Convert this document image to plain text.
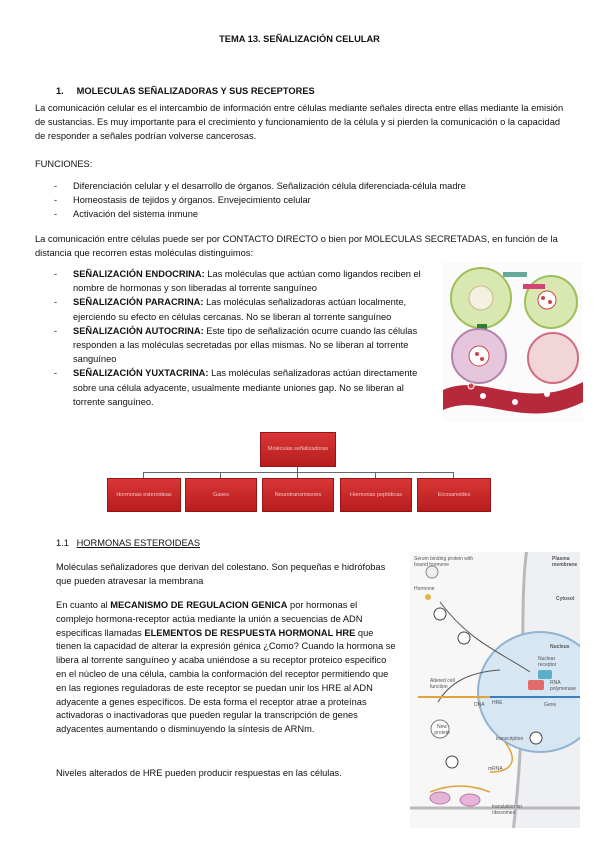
TEMA 13. SEÑALIZACIÓN CELULAR
1. MOLECULAS SEÑALIZADORAS Y SUS RECEPTORES

La comunicación celular es el intercambio de información entre células mediante señales directa entre ellas mediante la emisión de sustancias. Es muy importante para el crecimiento y funcionamiento de la célula y si pierden la comunicación o la capacidad de responder a señales podrían volverse cancerosas.

FUNCIONES:

- Diferenciación celular y el desarrollo de órganos. Señalización célula diferenciada-célula madre
- Homeostasis de tejidos y órganos. Envejecimiento celular
- Activación del sistema inmune

La comunicación entre células puede ser por CONTACTO DIRECTO o bien por MOLECULAS SECRETADAS, en función de la distancia que recorren estas moléculas distinguimos:

- SEÑALIZACIÓN ENDOCRINA: Las moléculas que actúan como ligandos reciben el nombre de hormonas y son liberadas al torrente sanguíneo
- SEÑALIZACIÓN PARACRINA: Las moléculas señalizadoras actúan localmente, ejerciendo su efecto en células cercanas. No se liberan al torrente sanguíneo
- SEÑALIZACIÓN AUTOCRINA: Este tipo de señalización ocurre cuando las células responden a las moléculas secretadas por ellas mismas. No se liberan al torrente sanguíneo
- SEÑALIZACIÓN YUXTACRINA: Las moléculas señalizadoras actúan directamente sobre una célula adyacente, usualmente mediante uniones gap. No se liberan al torrente sanguíneo.
Moléculas señalizadoras
Hormonas esteroideas	Gases	Neurotransmisores	Hormonas peptídicas	Eicosanoides
1.1 HORMONAS ESTEROIDEAS

Moléculas señalizadores que derivan del colestano. Son pequeñas e hidrófobas que pueden atravesar la membrana

En cuanto al MECANISMO DE REGULACION GENICA por hormonas el complejo hormona-receptor actúa mediante la unión a secuencias de ADN especificas llamadas ELEMENTOS DE RESPUESTA HORMONAL HRE que tienen la capacidad de alterar la expresión génica ¿Como? Cuando la hormona se libera al torrente sanguíneo y acaba uniéndose a su receptor proteico especifico en el núcleo de una célula, cambia la conformación del receptor permitiendo que en las regiones reguladoras de este receptor se puedan unir los HRE al ADN adyacente a genes específicos. De esta forma el receptor atrae a proteínas activadoras o inactivadoras que pueden regular la transcripción de genes adyacentes aumentando o disminuyendo la síntesis de ARNm.

Niveles alterados de HRE pueden producir respuestas en las células.

Serum binding protein with bound hormone
Plasma membrane
Hormone
Cytosol
Nucleus
Nuclear receptor
RNA polymerase
Altered cell function
HRE
DNA	Gene
New protein
transcription
mRNA
translation on ribosomes
